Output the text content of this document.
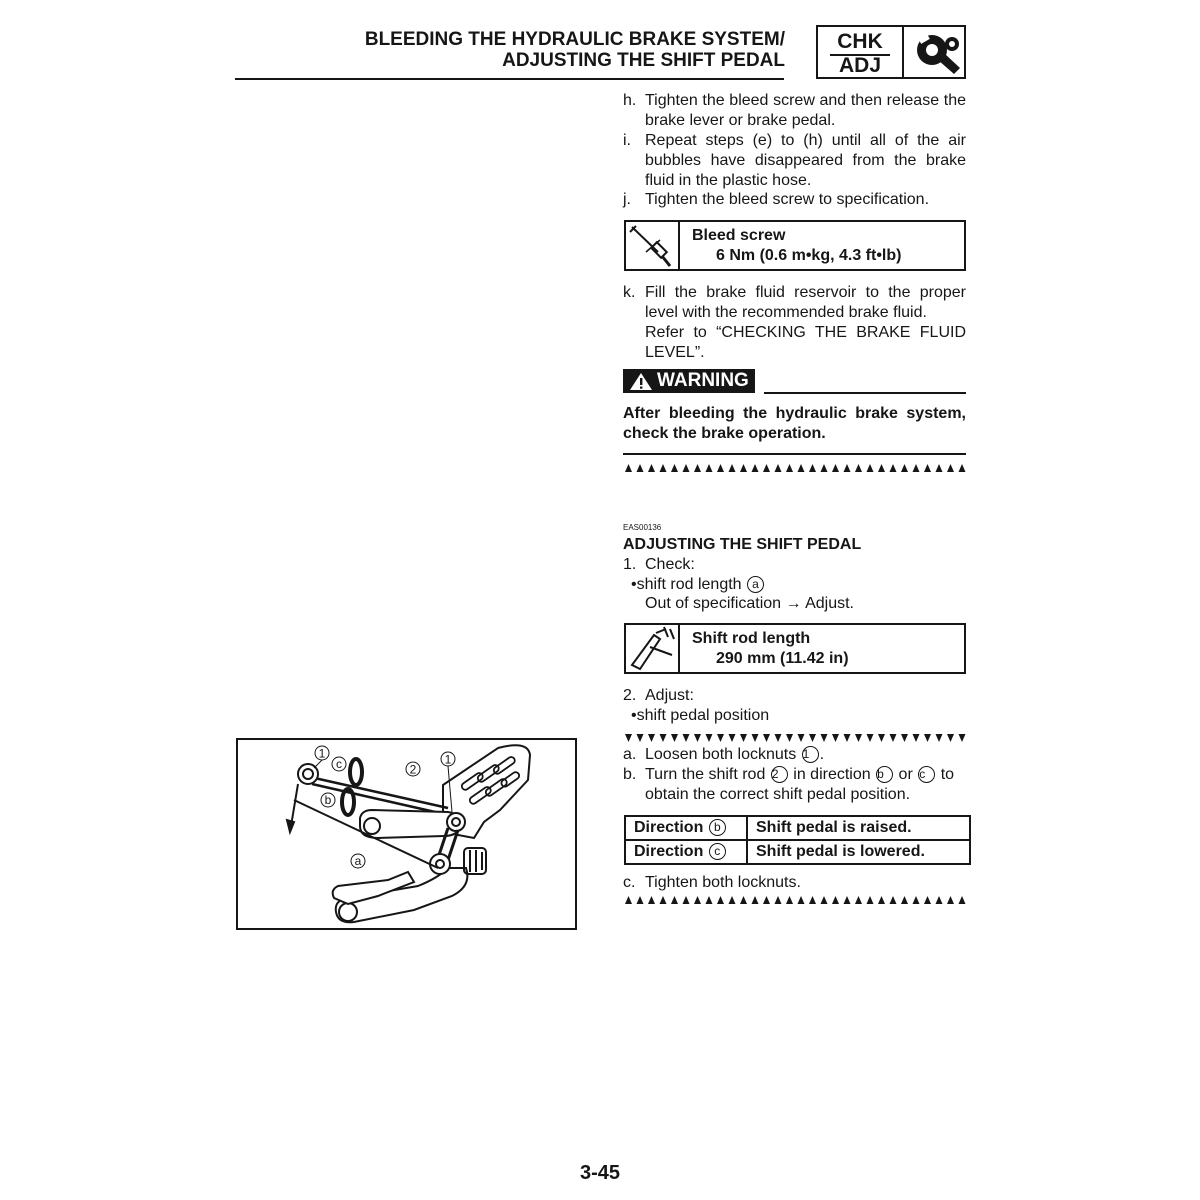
BLEEDING THE HYDRAULIC BRAKE SYSTEM/
ADJUSTING THE SHIFT PEDAL
CHK
ADJ
h. Tighten the bleed screw and then release the brake lever or brake pedal.
i. Repeat steps (e) to (h) until all of the air bubbles have disappeared from the brake fluid in the plastic hose.
j. Tighten the bleed screw to specification.
Bleed screw
6 Nm (0.6 m•kg, 4.3 ft•lb)
k. Fill the brake fluid reservoir to the proper level with the recommended brake fluid.
Refer to “CHECKING THE BRAKE FLUID LEVEL”.
WARNING
After bleeding the hydraulic brake system, check the brake operation.
EAS00136
ADJUSTING THE SHIFT PEDAL
1. Check:
•shift rod length a
Out of specification → Adjust.
Shift rod length
290 mm (11.42 in)
2. Adjust:
•shift pedal position
a. Loosen both locknuts 1 .
b. Turn the shift rod 2 in direction b or c to obtain the correct shift pedal position.
Direction b	Shift pedal is raised.
Direction c	Shift pedal is lowered.
c. Tighten both locknuts.
1
c	2
1
b
a
3-45
